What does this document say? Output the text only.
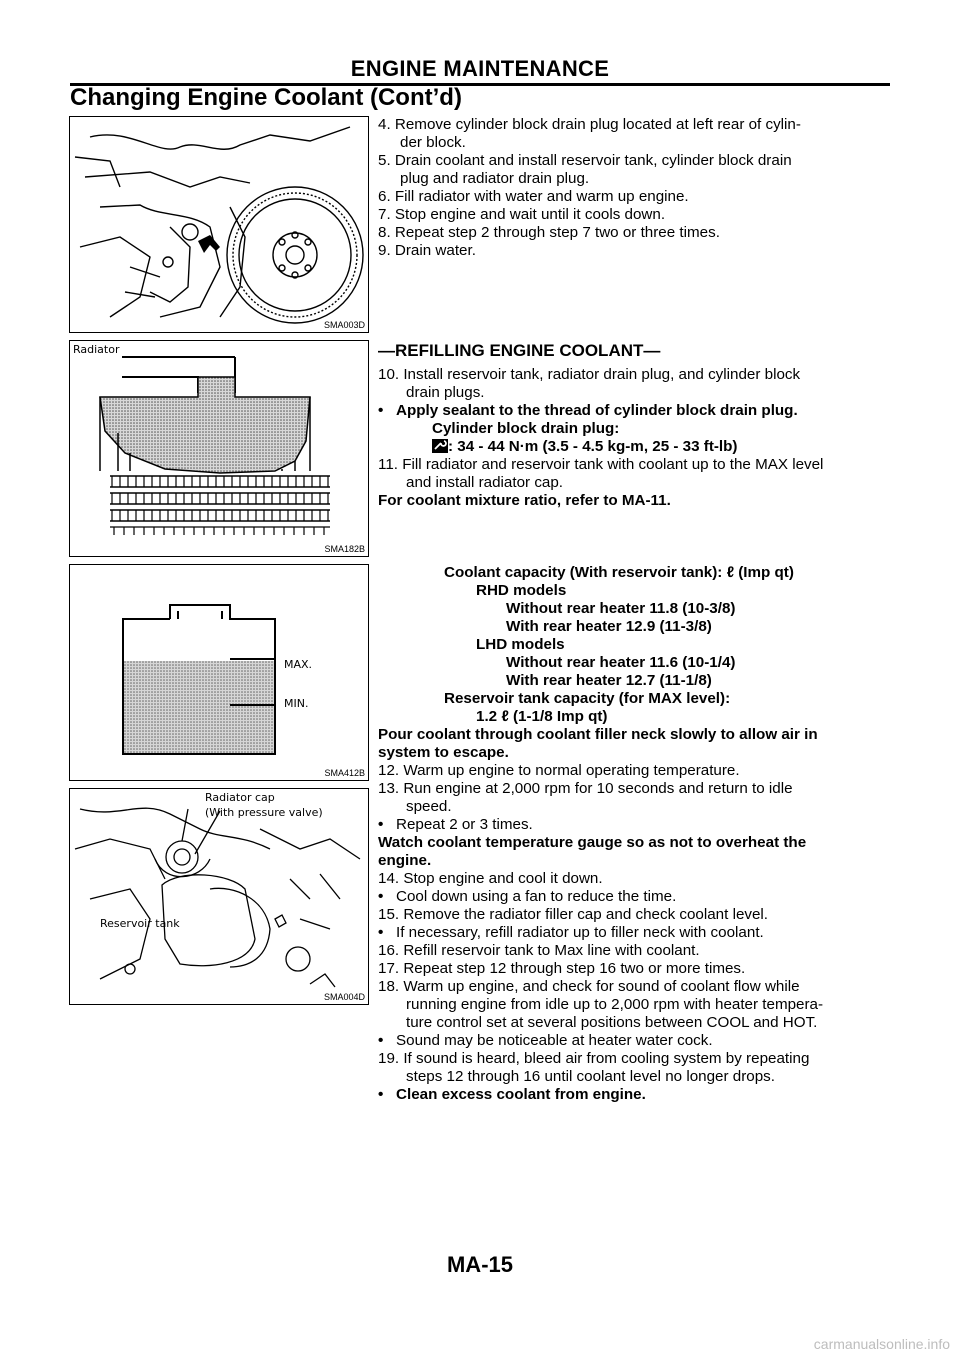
ENGINE MAINTENANCE
Changing Engine Coolant (Cont’d)
SMA003D
Radiator
SMA182B
MAX.
MIN.
SMA412B
Radiator cap
(With pressure valve)
Reservoir tank
SMA004D
4. Remove cylinder block drain plug located at left rear of cylin-
der block.
5. Drain coolant and install reservoir tank, cylinder block drain
plug and radiator drain plug.
6. Fill radiator with water and warm up engine.
7. Stop engine and wait until it cools down.
8. Repeat step 2 through step 7 two or three times.
9. Drain water.
—REFILLING ENGINE COOLANT—
10. Install reservoir tank, radiator drain plug, and cylinder block
drain plugs.
• Apply sealant to the thread of cylinder block drain plug.
Cylinder block drain plug:
: 34 - 44 N·m (3.5 - 4.5 kg-m, 25 - 33 ft-lb)
11. Fill radiator and reservoir tank with coolant up to the MAX level
and install radiator cap.
For coolant mixture ratio, refer to MA-11.
Coolant capacity (With reservoir tank): ℓ (Imp qt)
RHD models
Without rear heater 11.8 (10-3/8)
With rear heater 12.9 (11-3/8)
LHD models
Without rear heater 11.6 (10-1/4)
With rear heater 12.7 (11-1/8)
Reservoir tank capacity (for MAX level):
1.2 ℓ (1-1/8 Imp qt)
Pour coolant through coolant filler neck slowly to allow air in
system to escape.
12. Warm up engine to normal operating temperature.
13. Run engine at 2,000 rpm for 10 seconds and return to idle
speed.
• Repeat 2 or 3 times.
Watch coolant temperature gauge so as not to overheat the
engine.
14. Stop engine and cool it down.
• Cool down using a fan to reduce the time.
15. Remove the radiator filler cap and check coolant level.
• If necessary, refill radiator up to filler neck with coolant.
16. Refill reservoir tank to Max line with coolant.
17. Repeat step 12 through step 16 two or more times.
18. Warm up engine, and check for sound of coolant flow while
running engine from idle up to 2,000 rpm with heater tempera-
ture control set at several positions between COOL and HOT.
• Sound may be noticeable at heater water cock.
19. If sound is heard, bleed air from cooling system by repeating
steps 12 through 16 until coolant level no longer drops.
• Clean excess coolant from engine.
MA-15
carmanualsonline.info
